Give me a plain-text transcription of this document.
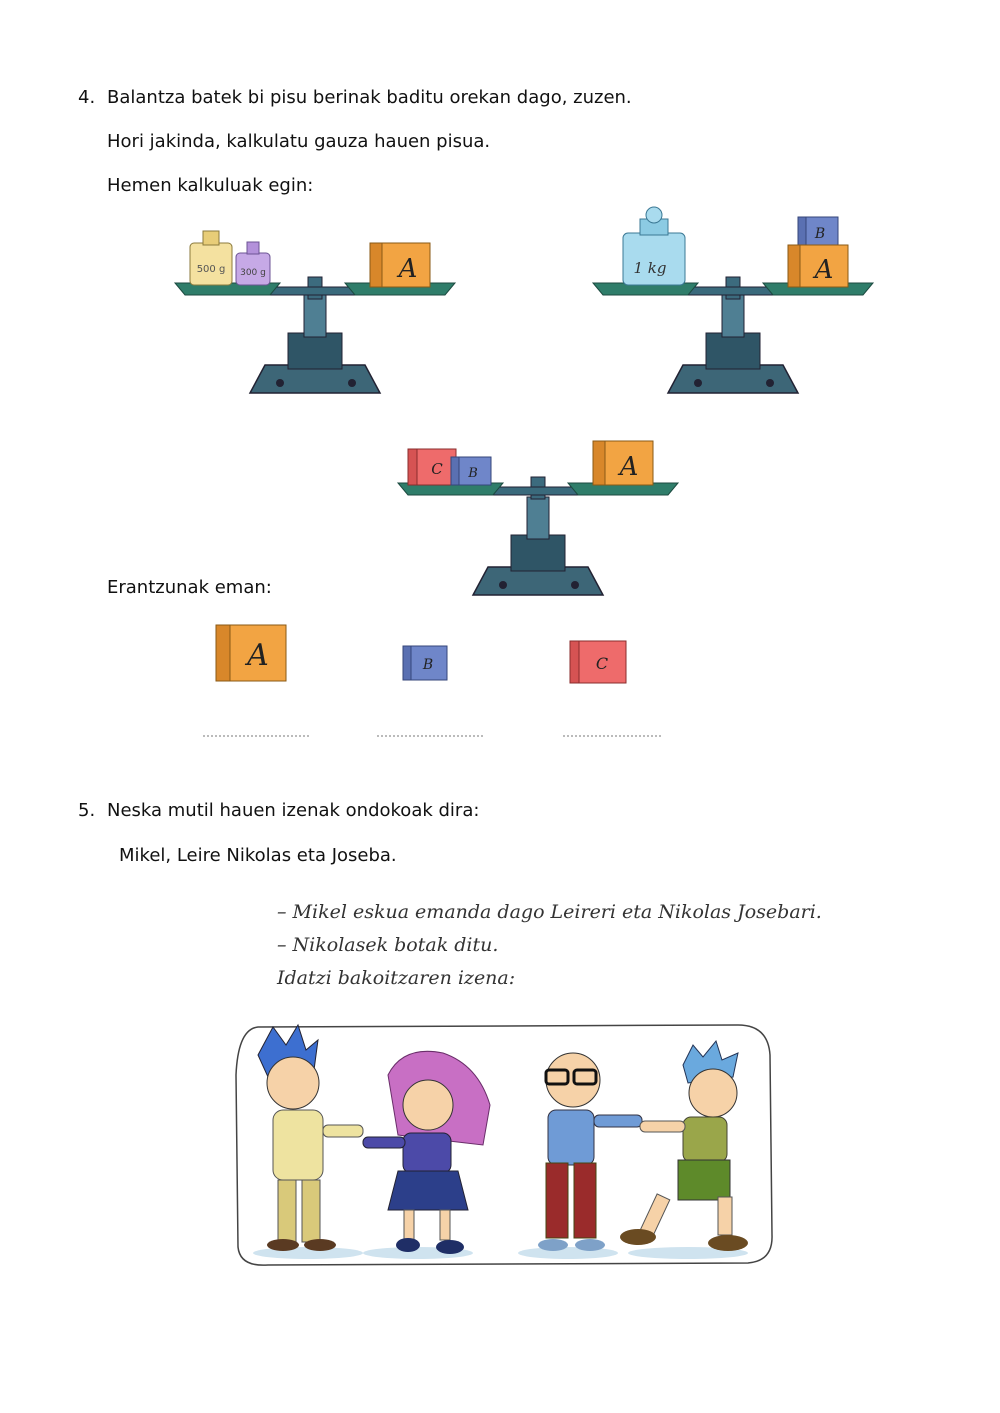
4. Balantza batek bi pisu berinak baditu orekan dago, zuzen.
Hori jakinda, kalkulatu gauza hauen pisua.
Hemen kalkuluak egin:
500 g 300 g	A	1 kg
B
A
C B	A
Erantzunak eman:
A	B	C
5. Neska mutil hauen izenak ondokoak dira:
Mikel, Leire Nikolas eta Joseba.
– Mikel eskua emanda dago Leireri eta Nikolas Josebari.
– Nikolasek botak ditu.
Idatzi bakoitzaren izena:
